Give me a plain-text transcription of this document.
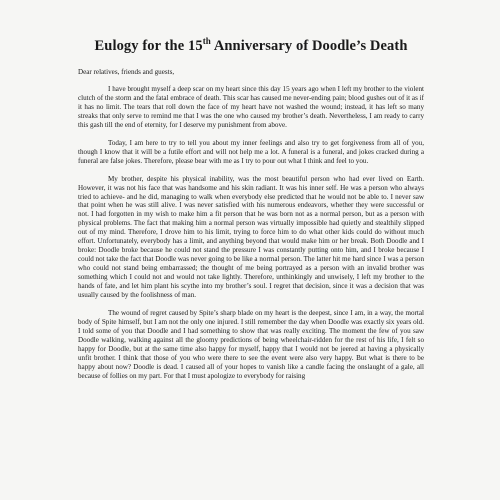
Eulogy for the 15th Anniversary of Doodle’s Death

Dear relatives, friends and guests,

I have brought myself a deep scar on my heart since this day 15 years ago when I left my brother to the violent clutch of the storm and the fatal embrace of death. This scar has caused me never-ending pain; blood gushes out of it as if it has no limit. The tears that roll down the face of my heart have not washed the wound; instead, it has left so many streaks that only serve to remind me that I was the one who caused my brother’s death. Nevertheless, I am ready to carry this gash till the end of eternity, for I deserve my punishment from above.

Today, I am here to try to tell you about my inner feelings and also try to get forgiveness from all of you, though I know that it will be a futile effort and will not help me a lot. A funeral is a funeral, and jokes cracked during a funeral are false jokes. Therefore, please bear with me as I try to pour out what I think and feel to you.

My brother, despite his physical inability, was the most beautiful person who had ever lived on Earth. However, it was not his face that was handsome and his skin radiant. It was his inner self. He was a person who always tried to achieve- and he did, managing to walk when everybody else predicted that he would not be able to. I never saw that point when he was still alive. I was never satisfied with his numerous endeavors, whether they were successful or not. I had forgotten in my wish to make him a fit person that he was born not as a normal person, but as a person with physical problems. The fact that making him a normal person was virtually impossible had quietly and stealthily slipped out of my mind. Therefore, I drove him to his limit, trying to force him to do what other kids could do without much effort. Unfortunately, everybody has a limit, and anything beyond that would make him or her break. Both Doodle and I broke: Doodle broke because he could not stand the pressure I was constantly putting onto him, and I broke because I could not take the fact that Doodle was never going to be like a normal person. The latter hit me hard since I was a person who could not stand being embarrassed; the thought of me being portrayed as a person with an invalid brother was something which I could not and would not take lightly. Therefore, unthinkingly and unwisely, I left my brother to the hands of fate, and let him plant his scythe into my brother’s soul. I regret that decision, since it was a decision that was usually caused by the foolishness of man.

The wound of regret caused by Spite’s sharp blade on my heart is the deepest, since I am, in a way, the mortal body of Spite himself, but I am not the only one injured. I still remember the day when Doodle was exactly six years old. I told some of you that Doodle and I had something to show that was really exciting. The moment the few of you saw Doodle walking, walking against all the gloomy predictions of being wheelchair-ridden for the rest of his life, I felt so happy for Doodle, but at the same time also happy for myself, happy that I would not be jeered at having a physically unfit brother. I think that those of you who were there to see the event were also very happy. But what is there to be happy about now? Doodle is dead. I caused all of your hopes to vanish like a candle facing the onslaught of a gale, all because of follies on my part. For that I must apologize to everybody for raising
